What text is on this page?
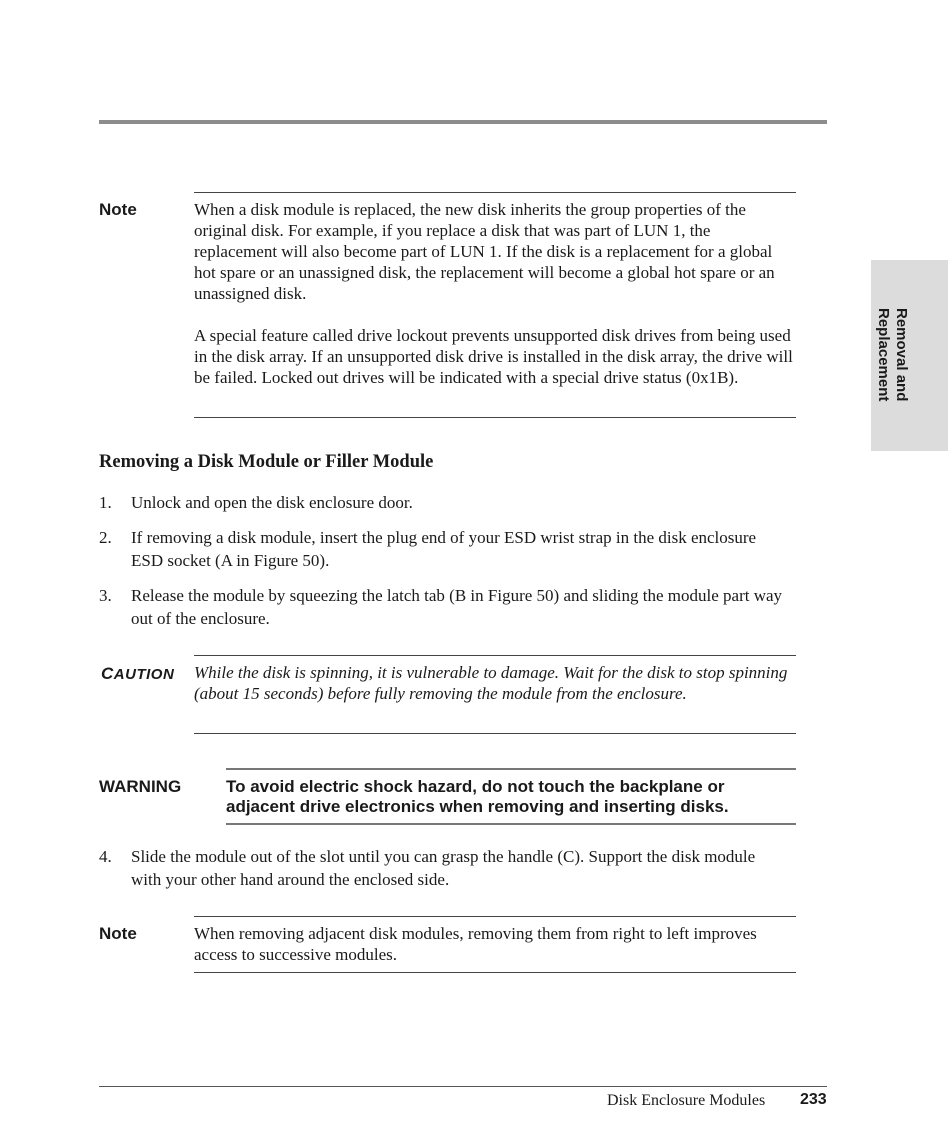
Removal and
Replacement
Note	When a disk module is replaced, the new disk inherits the group properties of the original disk. For example, if you replace a disk that was part of LUN 1, the replacement will also become part of LUN 1. If the disk is a replacement for a global hot spare or an unassigned disk, the replacement will become a global hot spare or an unassigned disk.

A special feature called drive lockout prevents unsupported disk drives from being used in the disk array. If an unsupported disk drive is installed in the disk array, the drive will be failed. Locked out drives will be indicated with a special drive status (0x1B).

Removing a Disk Module or Filler Module
1. Unlock and open the disk enclosure door.
2. If removing a disk module, insert the plug end of your ESD wrist strap in the disk enclosure ESD socket (A in Figure 50).
3. Release the module by squeezing the latch tab (B in Figure 50) and sliding the module part way out of the enclosure.
CAUTION While the disk is spinning, it is vulnerable to damage. Wait for the disk to stop spinning (about 15 seconds) before fully removing the module from the enclosure.
WARNING	To avoid electric shock hazard, do not touch the backplane or adjacent drive electronics when removing and inserting disks.
4. Slide the module out of the slot until you can grasp the handle (C). Support the disk module with your other hand around the enclosed side.
Note	When removing adjacent disk modules, removing them from right to left improves access to successive modules.
Disk Enclosure Modules 233
